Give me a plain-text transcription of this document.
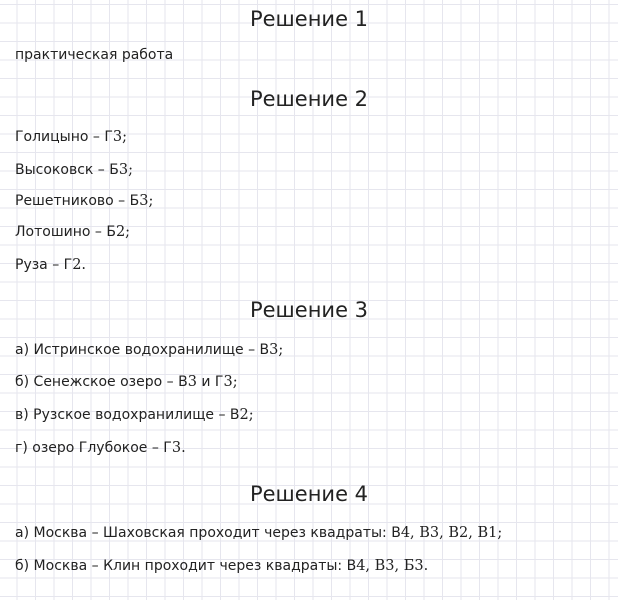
Решение 1
практическая работа
Решение 2
Голицыно – Г3;
Высоковск – Б3;
Решетниково – Б3;
Лотошино – Б2;
Руза – Г2.
Решение 3
а) Истринское водохранилище – В3;
б) Сенежское озеро – В3 и Г3;
в) Рузское водохранилище – В2;
г) озеро Глубокое – Г3.
Решение 4
а) Москва – Шаховская проходит через квадраты: В4, В3, В2, В1;
б) Москва – Клин проходит через квадраты: В4, В3, Б3.
